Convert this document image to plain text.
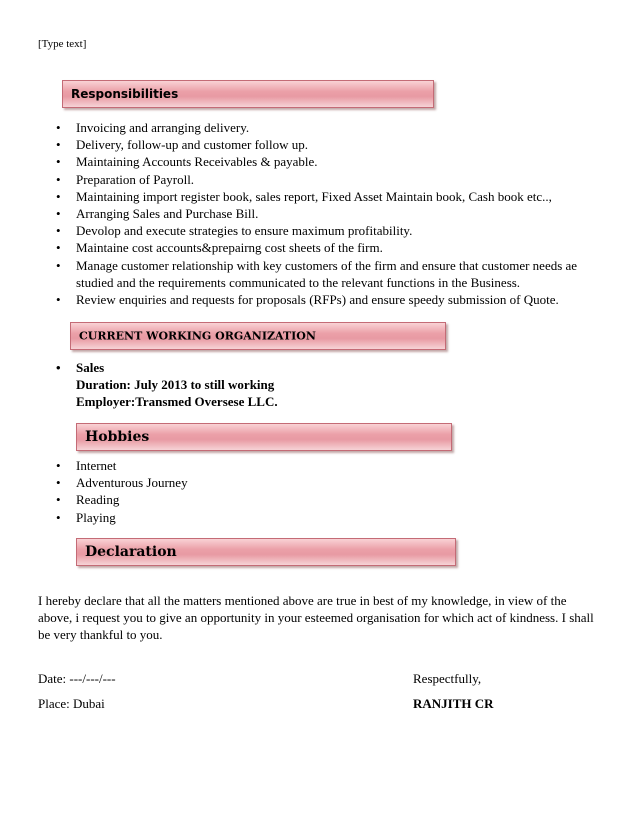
[Type text]
Responsibilities
• Invoicing and arranging delivery.
• Delivery, follow-up and customer follow up.
• Maintaining Accounts Receivables & payable.
• Preparation of Payroll.
• Maintaining import register book, sales report, Fixed Asset Maintain book, Cash book etc..,
• Arranging Sales and Purchase Bill.
• Devolop and execute strategies to ensure maximum profitability.
• Maintaine cost accounts&prepairng cost sheets of the firm.
• Manage customer relationship with key customers of the firm and ensure that customer needs ae studied and the requirements communicated to the relevant functions in the Business.
• Review enquiries and requests for proposals (RFPs) and ensure speedy submission of Quote.
CURRENT WORKING ORGANIZATION
• Sales
Duration: July 2013 to still working
Employer:Transmed Oversese LLC.
Hobbies
• Internet
• Adventurous Journey
• Reading
• Playing
Declaration
I hereby declare that all the matters mentioned above are true in best of my knowledge, in view of the above, i request you to give an opportunity in your esteemed organisation for which act of kindness. I shall be very thankful to you.
Date: ---/---/---
Place: Dubai
Respectfully,
RANJITH CR
